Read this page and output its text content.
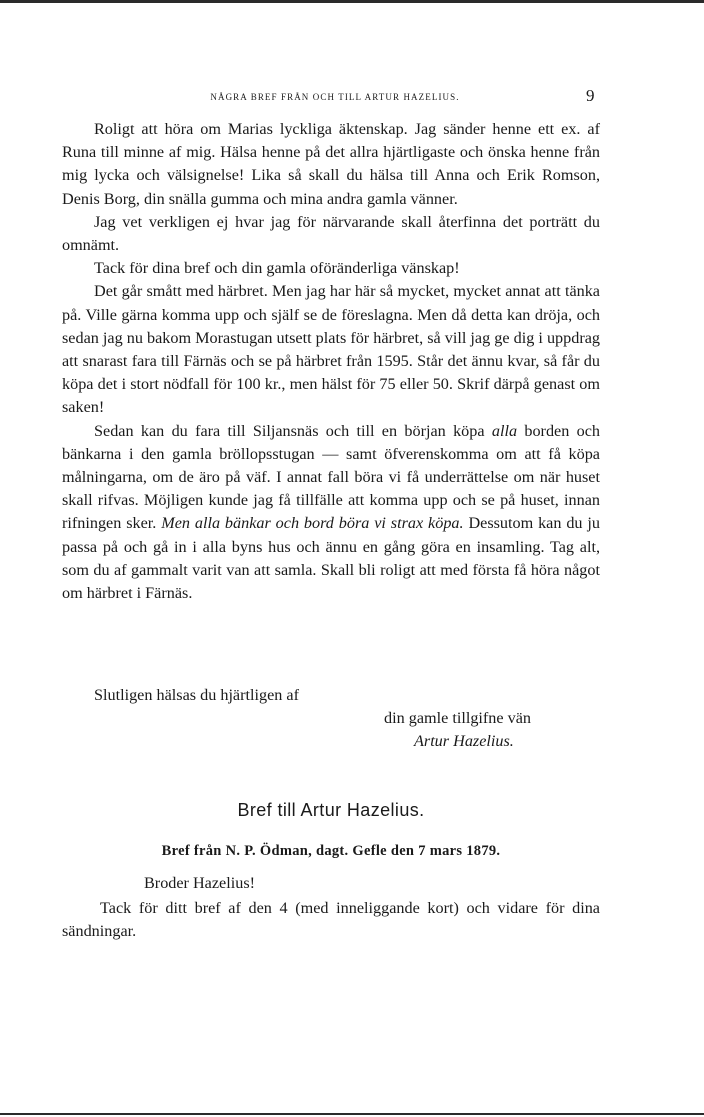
NÅGRA BREF FRÅN OCH TILL ARTUR HAZELIUS.	9

Roligt att höra om Marias lyckliga äktenskap. Jag sänder henne ett ex. af Runa till minne af mig. Hälsa henne på det allra hjärtligaste och önska henne från mig lycka och välsignelse! Lika så skall du hälsa till Anna och Erik Romson, Denis Borg, din snälla gumma och mina andra gamla vänner.

Jag vet verkligen ej hvar jag för närvarande skall återfinna det porträtt du omnämt.

Tack för dina bref och din gamla oföränderliga vänskap!

Det går smått med härbret. Men jag har här så mycket, mycket annat att tänka på. Ville gärna komma upp och själf se de föreslagna. Men då detta kan dröja, och sedan jag nu bakom Morastugan utsett plats för härbret, så vill jag ge dig i uppdrag att snarast fara till Färnäs och se på härbret från 1595. Står det ännu kvar, så får du köpa det i stort nödfall för 100 kr., men hälst för 75 eller 50. Skrif därpå genast om saken!

Sedan kan du fara till Siljansnäs och till en början köpa alla borden och bänkarna i den gamla bröllopsstugan — samt öfverenskomma om att få köpa målningarna, om de äro på väf. I annat fall böra vi få underrättelse om när huset skall rifvas. Möjligen kunde jag få tillfälle att komma upp och se på huset, innan rifningen sker. Men alla bänkar och bord böra vi strax köpa. Dessutom kan du ju passa på och gå in i alla byns hus och ännu en gång göra en insamling. Tag alt, som du af gammalt varit van att samla. Skall bli roligt att med första få höra något om härbret i Färnäs.

Slutligen hälsas du hjärtligen af

din gamle tillgifne vän

Artur Hazelius.

Bref till Artur Hazelius.
Bref från N. P. Ödman, dagt. Gefle den 7 mars 1879.
Broder Hazelius!

Tack för ditt bref af den 4 (med inneliggande kort) och vidare för dina sändningar.
